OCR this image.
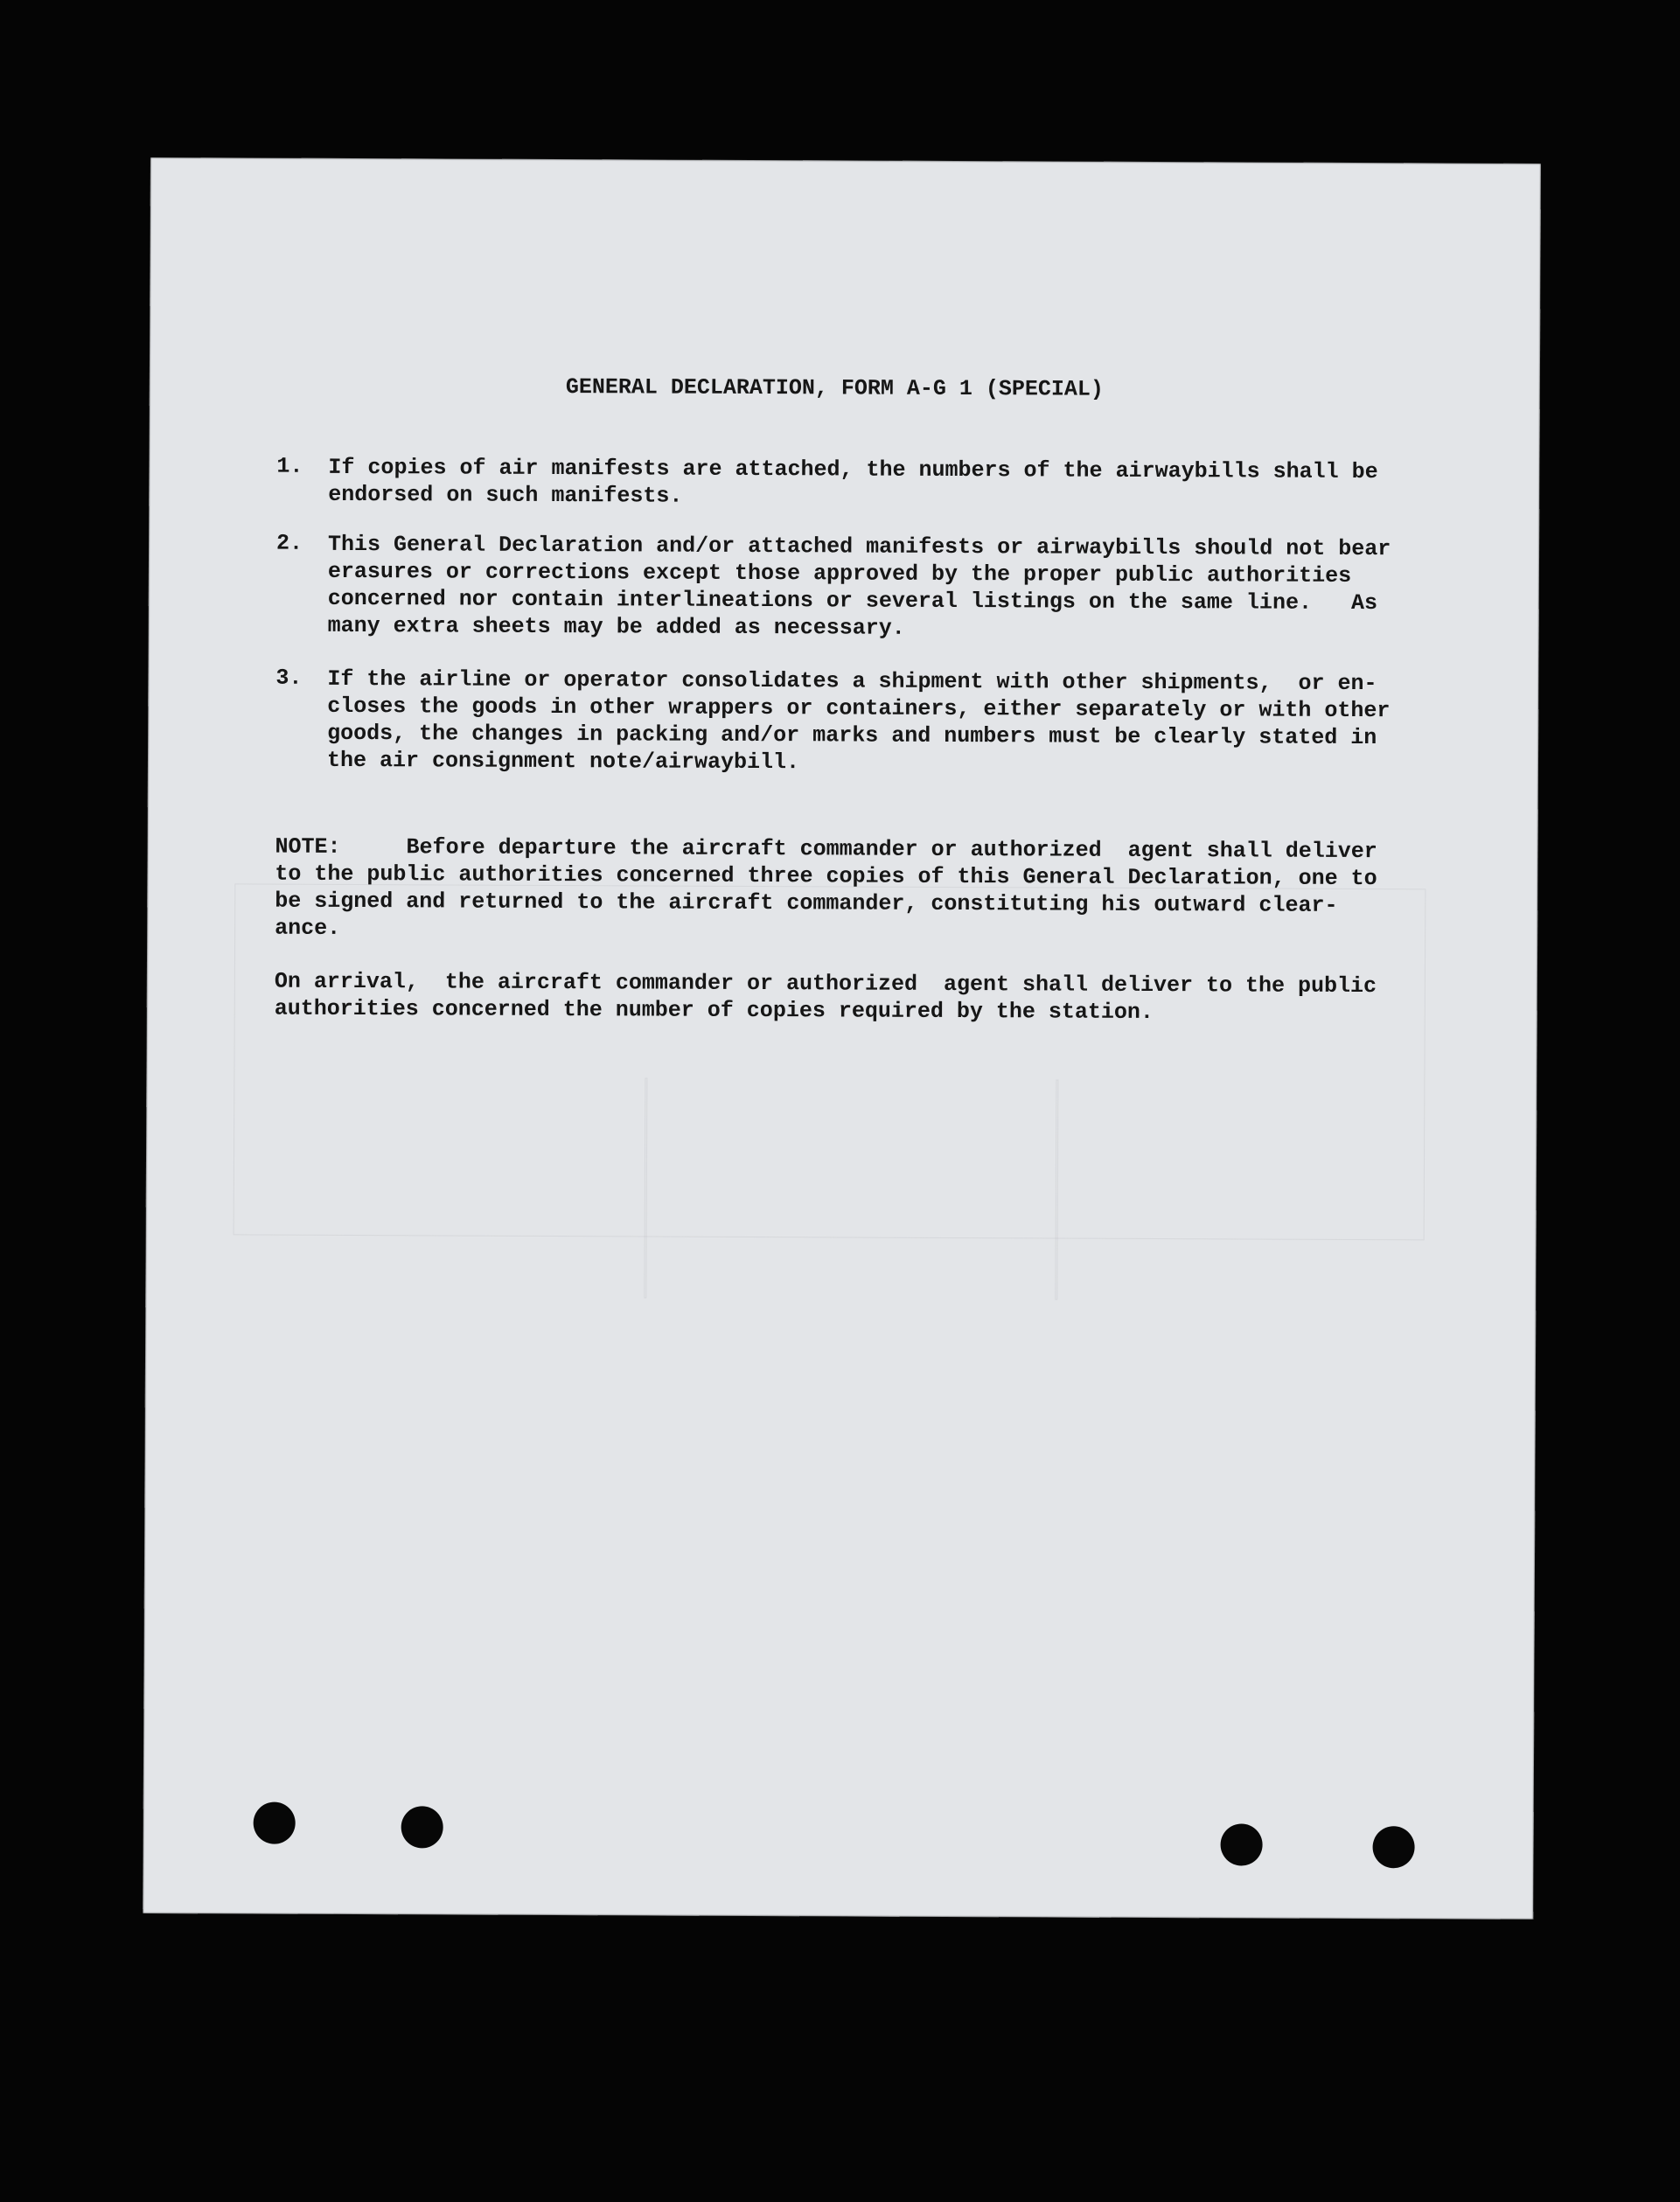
GENERAL DECLARATION, FORM A-G 1 (SPECIAL)

1. If copies of air manifests are attached, the numbers of the airwaybills shall be
endorsed on such manifests.

2. This General Declaration and/or attached manifests or airwaybills should not bear
erasures or corrections except those approved by the proper public authorities
concerned nor contain interlineations or several listings on the same line.   As
many extra sheets may be added as necessary.

3. If the airline or operator consolidates a shipment with other shipments,  or en-
closes the goods in other wrappers or containers, either separately or with other
goods, the changes in packing and/or marks and numbers must be clearly stated in
the air consignment note/airwaybill.

NOTE:     Before departure the aircraft commander or authorized  agent shall deliver
to the public authorities concerned three copies of this General Declaration, one to
be signed and returned to the aircraft commander, constituting his outward clear-
ance.

On arrival,  the aircraft commander or authorized  agent shall deliver to the public
authorities concerned the number of copies required by the station.
